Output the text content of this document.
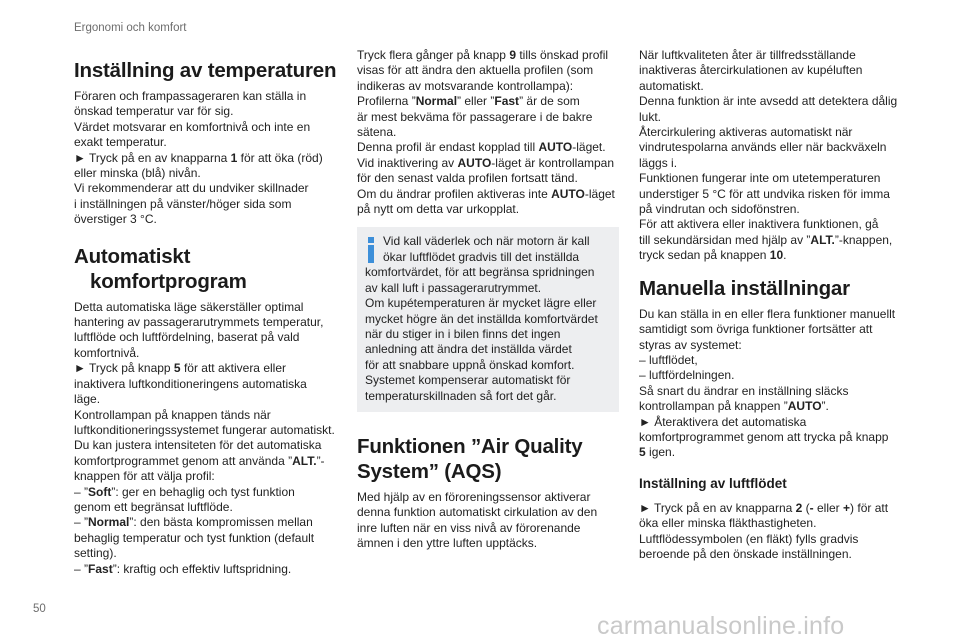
Ergonomi och komfort
Inställning av temperaturen

Föraren och frampassageraren kan ställa in

önskad temperatur var för sig.

Värdet motsvarar en komfortnivå och inte en

exakt temperatur.

► Tryck på en av knapparna 1 för att öka (röd)

eller minska (blå) nivån.

Vi rekommenderar att du undviker skillnader

i inställningen på vänster/höger sida som

överstiger 3 °C.

Automatiskt
komfortprogram

Detta automatiska läge säkerställer optimal

hantering av passagerarutrymmets temperatur,

luftflöde och luftfördelning, baserat på vald

komfortnivå.

► Tryck på knapp 5 för att aktivera eller

inaktivera luftkonditioneringens automatiska

läge.

Kontrollampan på knappen tänds när

luftkonditioneringssystemet fungerar automatiskt.

Du kan justera intensiteten för det automatiska

komfortprogrammet genom att använda ”ALT.”-

knappen för att välja profil:

– ”Soft”: ger en behaglig och tyst funktion

genom ett begränsat luftflöde.

– ”Normal”: den bästa kompromissen mellan

behaglig temperatur och tyst funktion (default

setting).

– ”Fast”: kraftig och effektiv luftspridning.

Tryck flera gånger på knapp 9 tills önskad profil

visas för att ändra den aktuella profilen (som

indikeras av motsvarande kontrollampa):

Profilerna ”Normal” eller ”Fast” är de som

är mest bekväma för passagerare i de bakre

sätena.

Denna profil är endast kopplad till AUTO-läget.

Vid inaktivering av AUTO-läget är kontrollampan

för den senast valda profilen fortsatt tänd.

Om du ändrar profilen aktiveras inte AUTO-läget

på nytt om detta var urkopplat.

Vid kall väderlek och när motorn är kall

ökar luftflödet gradvis till det inställda

komfortvärdet, för att begränsa spridningen

av kall luft i passagerarutrymmet.

Om kupétemperaturen är mycket lägre eller

mycket högre än det inställda komfortvärdet

när du stiger in i bilen finns det ingen

anledning att ändra det inställda värdet

för att snabbare uppnå önskad komfort.

Systemet kompenserar automatiskt för

temperaturskillnaden så fort det går.

Funktionen ”Air Quality
System” (AQS)

Med hjälp av en föroreningssensor aktiverar

denna funktion automatiskt cirkulation av den

inre luften när en viss nivå av förorenande

ämnen i den yttre luften upptäcks.

När luftkvaliteten åter är tillfredsställande

inaktiveras återcirkulationen av kupéluften

automatiskt.

Denna funktion är inte avsedd att detektera dålig

lukt.

Återcirkulering aktiveras automatiskt när

vindrutespolarna används eller när backväxeln

läggs i.

Funktionen fungerar inte om utetemperaturen

understiger 5 °C för att undvika risken för imma

på vindrutan och sidofönstren.

För att aktivera eller inaktivera funktionen, gå

till sekundärsidan med hjälp av ”ALT.”-knappen,

tryck sedan på knappen 10.

Manuella inställningar

Du kan ställa in en eller flera funktioner manuellt

samtidigt som övriga funktioner fortsätter att

styras av systemet:

– luftflödet,

– luftfördelningen.

Så snart du ändrar en inställning släcks

kontrollampan på knappen ”AUTO”.

► Återaktivera det automatiska

komfortprogrammet genom att trycka på knapp

5 igen.

Inställning av luftflödet

► Tryck på en av knapparna 2 (- eller +) för att

öka eller minska fläkthastigheten.

Luftflödessymbolen (en fläkt) fylls gradvis

beroende på den önskade inställningen.

50
carmanualsonline.info
